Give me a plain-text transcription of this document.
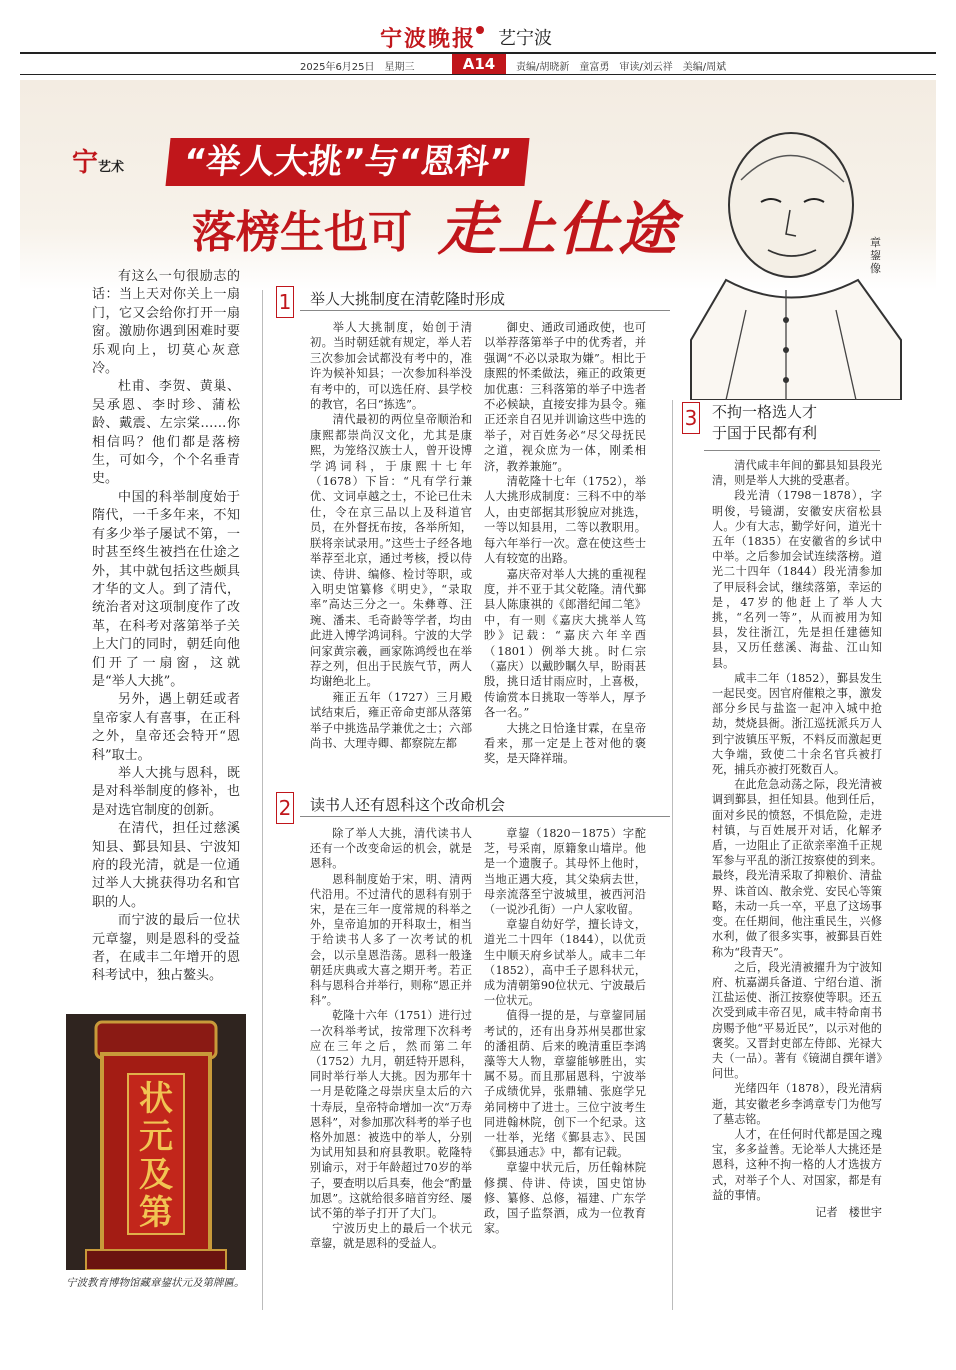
宁波晚报 艺宁波
2025年6月25日　星期三	A14	责编/胡晓新　童富勇　审读/刘云祥　美编/周斌
宁艺术	“举人大挑”与“恩科”
落榜生也可 走上仕途	章鋆像

有这么一句很励志的话：当上天对你关上一扇门，它又会给你打开一扇窗。激励你遇到困难时要乐观向上，切莫心灰意冷。

杜甫、李贺、黄巢、吴承恩、李时珍、蒲松龄、戴震、左宗棠……你相信吗？他们都是落榜生，可如今，个个名垂青史。

中国的科举制度始于隋代，一千多年来，不知有多少举子屡试不第，一时甚至终生被挡在仕途之外，其中就包括这些颇具才华的文人。到了清代，统治者对这项制度作了改革，在科考对落第举子关上大门的同时，朝廷向他们开了一扇窗，这就是“举人大挑”。

另外，遇上朝廷或者皇帝家人有喜事，在正科之外，皇帝还会特开“恩科”取士。

举人大挑与恩科，既是对科举制度的修补，也是对选官制度的创新。

在清代，担任过慈溪知县、鄞县知县、宁波知府的段光清，就是一位通过举人大挑获得功名和官职的人。

而宁波的最后一位状元章鋆，则是恩科的受益者，在咸丰二年增开的恩科考试中，独占鳌头。

1 举人大挑制度在清乾隆时形成

举人大挑制度，始创于清初。当时朝廷就有规定，举人若三次参加会试都没有考中的，准许为候补知县；一次参加科举没有考中的，可以选任府、县学校的教官，名曰“拣选”。

清代最初的两位皇帝顺治和康熙都崇尚汉文化，尤其是康熙，为笼络汉族士人，曾开设博学鸿词科，于康熙十七年（1678）下旨：“凡有学行兼优、文词卓越之士，不论已仕未仕，令在京三品以上及科道官员，在外督抚布按，各举所知，朕将亲试录用。”这些士子经各地举荐至北京，通过考核，授以侍读、侍讲、编修、检讨等职，或入明史馆纂修《明史》，“录取率”高达三分之一。朱彝尊、汪琬、潘耒、毛奇龄等学者，均由此进入博学鸿词科。宁波的大学问家黄宗羲，画家陈鸿绶也在举荐之列，但出于民族气节，两人均谢绝北上。

雍正五年（1727）三月殿试结束后，雍正帝命吏部从落第举子中挑选品学兼优之士；六部尚书、大理寺卿、都察院左都

御史、通政司通政使，也可以举荐落第举子中的优秀者，并强调“不必以录取为嫌”。相比于康熙的怀柔做法，雍正的政策更加优惠：三科落第的举子中选者不必候缺，直接安排为县令。雍正还亲自召见并训谕这些中选的举子，对百姓务必“尽父母抚民之道，视众庶为一体，刚柔相济，教养兼施”。

清乾隆十七年（1752），举人大挑形成制度：三科不中的举人，由吏部据其形貌应对挑选，一等以知县用，二等以教职用。每六年举行一次。意在使这些士人有较宽的出路。

嘉庆帝对举人大挑的重视程度，并不亚于其父乾隆。清代鄞县人陈康祺的《郎潜纪闻二笔》中，有一则《嘉庆大挑举人笃眇》记载：“嘉庆六年辛酉（1801）例举大挑。时仁宗（嘉庆）以戴眇瞩久早，盼雨甚殷，挑日适甘雨应时，上喜极，传谕赏本日挑取一等举人，厚予各一名。”

大挑之日恰逢甘霖，在皇帝看来，那一定是上苍对他的褒奖，是天降祥瑞。

2 读书人还有恩科这个改命机会

除了举人大挑，清代读书人还有一个改变命运的机会，就是恩科。

恩科制度始于宋，明、清两代沿用。不过清代的恩科有别于宋，是在三年一度常规的科举之外，皇帝追加的开科取士，相当于给读书人多了一次考试的机会，以示皇恩浩荡。恩科一般逢朝廷庆典或大喜之期开考。若正科与恩科合并举行，则称“恩正并科”。

乾隆十六年（1751）进行过一次科举考试，按常理下次科考应在三年之后，然而第二年（1752）九月，朝廷特开恩科，同时举行举人大挑。因为那年十一月是乾隆之母崇庆皇太后的六十寿辰，皇帝特命增加一次“万寿恩科”，对参加那次科考的举子也格外加恩：被选中的举人，分别为试用知县和府县教职。乾隆特别谕示，对于年龄超过70岁的举子，要查明以后具奏，他会“酌量加恩”。这就给很多暗首穷经、屡试不第的举子打开了大门。

宁波历史上的最后一个状元章鋆，就是恩科的受益人。

章鋆（1820－1875）字酡芝，号采南，原籍象山墙岸。他是一个遗腹子。其母怀上他时，当地正遇大疫，其父染病去世，母亲流落至宁波城里，被西河沿（一说沙孔街）一户人家收留。

章鋆自幼好学，擅长诗文，道光二十四年（1844），以优贡生中顺天府乡试举人。咸丰二年（1852），高中壬子恩科状元，成为清朝第90位状元、宁波最后一位状元。

值得一提的是，与章鋆同届考试的，还有出身苏州吴郡世家的潘祖荫、后来的晚清重臣李鸿藻等大人物，章鋆能够胜出，实属不易。而且那届恩科，宁波举子成绩优异，张鼎辅、张庭学兄弟同榜中了进士。三位宁波考生同进翰林院，创下一个纪录。这一壮举，光绪《鄞县志》、民国《鄞县通志》中，都有记载。

章鋆中状元后，历任翰林院修撰、侍讲、侍读，国史馆协修、纂修、总修，福建、广东学政，国子监祭酒，成为一位教育家。

3 不拘一格选人才
于国于民都有利

清代咸丰年间的鄞县知县段光清，则是举人大挑的受惠者。

段光清（1798－1878），字明俊，号镜湖，安徽安庆宿松县人。少有大志，勤学好问，道光十五年（1835）在安徽省的乡试中中举。之后参加会试连续落榜。道光二十四年（1844）段光清参加了甲辰科会试，继续落第，幸运的是，47岁的他赶上了举人大挑，“名列一等”，从而被用为知县，发往浙江，先是担任建德知县，又历任慈溪、海盐、江山知县。

咸丰二年（1852），鄞县发生一起民变。因官府催粮之事，激发部分乡民与盐盗一起冲入城中抢劫，焚烧县衙。浙江巡抚派兵万人到宁波镇压平叛，不料反而激起更大争端，致使二十余名官兵被打死，捕兵亦被打死数百人。

在此危急动荡之际，段光清被调到鄞县，担任知县。他到任后，面对乡民的愤怒，不惧危险，走进村镇，与百姓展开对话，化解矛盾，一边阻止了正欲亲率渔千正规军参与平乱的浙江按察使的到来。最终，段光清采取了抑粮价、清盐界、诛首凶、散余党、安民心等策略，未动一兵一卒，平息了这场事变。在任期间，他注重民生，兴修水利，做了很多实事，被鄞县百姓称为“段青天”。

之后，段光清被擢升为宁波知府、杭嘉湖兵备道、宁绍台道、浙江盐运使、浙江按察使等职。还五次受到咸丰帝召见，咸丰特命南书房赐予他“平易近民”，以示对他的褒奖。又晋封吏部左侍郎、光禄大夫（一品）。著有《镜湖自撰年谱》问世。

光绪四年（1878），段光清病逝，其安徽老乡李鸿章专门为他写了墓志铭。

人才，在任何时代都是国之瑰宝，多多益善。无论举人大挑还是恩科，这种不拘一格的人才选拔方式，对举子个人、对国家，都是有益的事情。

记者　楼世宇
状
元
及
第
宁波教育博物馆藏章鋆状元及第牌匾。
